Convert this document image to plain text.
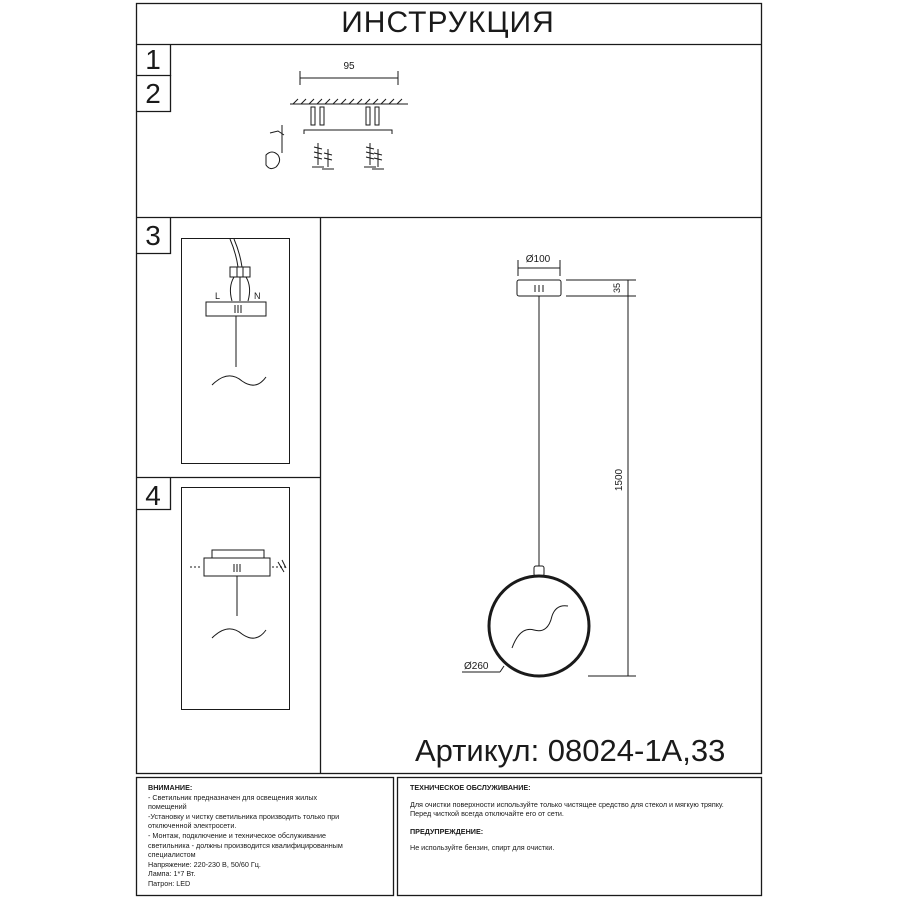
ИНСТРУКЦИЯ
1
2
3
4
95
L	N
Ø100
35
1500
Ø260
Артикул: 08024-1А,33
ВНИМАНИЕ:
- Светильник предназначен для освещения жилых
помещений
-Установку и чистку светильника производить только при
отключенной электросети.
- Монтаж, подключение и техническое обслуживание
светильника - должны производится квалифицированным
специалистом
Напряжение: 220-230 В, 50/60 Гц.
Лампа: 1*7 Вт.
Патрон: LED
ТЕХНИЧЕСКОЕ ОБСЛУЖИВАНИЕ:
Для очистки поверхности используйте только чистящее средство для стекол и мягкую тряпку.
Перед чисткой всегда отключайте его от сети.
ПРЕДУПРЕЖДЕНИЕ:
Не используйте бензин, спирт для очистки.
